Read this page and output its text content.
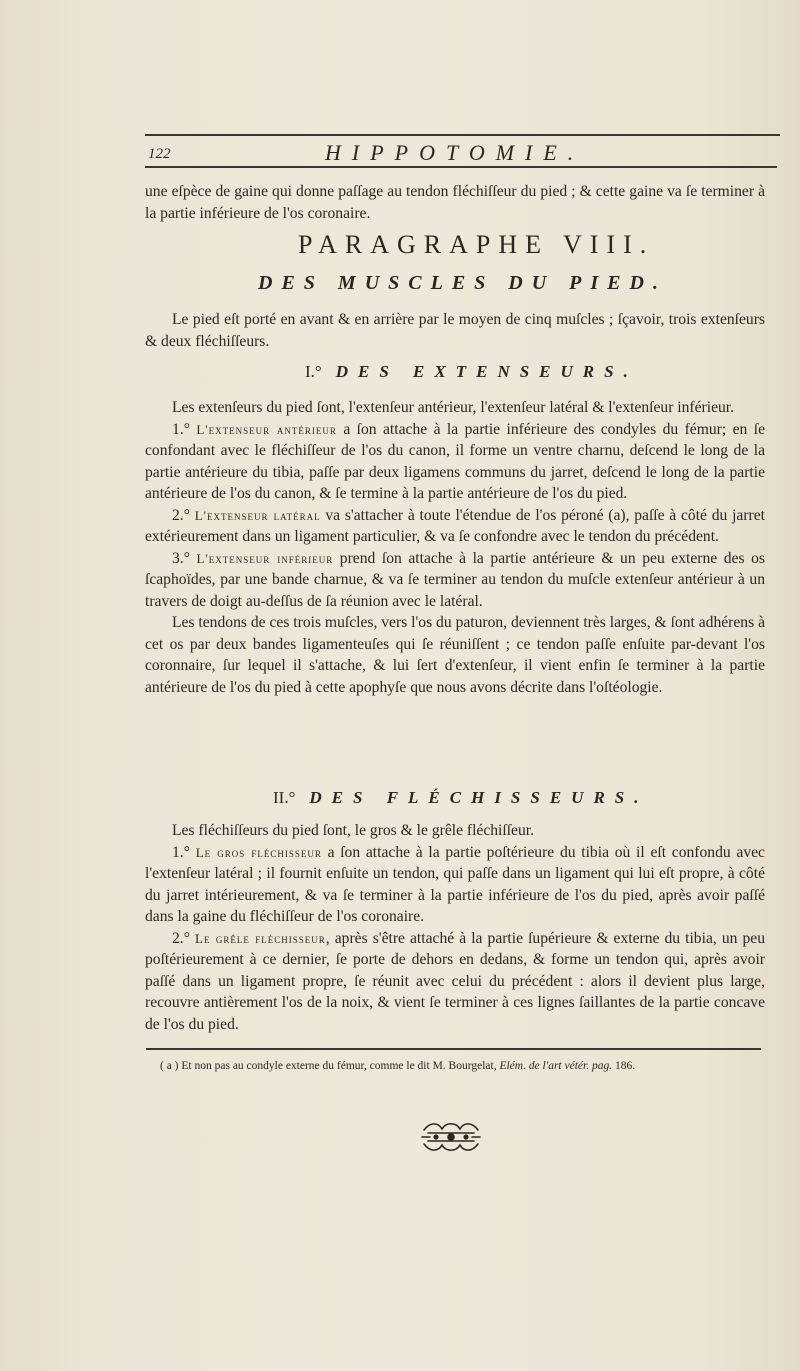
122	HIPPOTOMIE.

une eſpèce de gaine qui donne paſſage au tendon fléchiſſeur du pied ; & cette gaine va ſe terminer à la partie inférieure de l'os coronaire.

PARAGRAPHE VIII.
DES MUSCLES DU PIED.

Le pied eſt porté en avant & en arrière par le moyen de cinq muſcles ; ſçavoir, trois extenſeurs & deux fléchiſſeurs.

I.° DES EXTENSEURS.

Les extenſeurs du pied ſont, l'extenſeur antérieur, l'extenſeur latéral & l'extenſeur inférieur.

1.° L'extenseur antérieur a ſon attache à la partie inférieure des condyles du fémur; en ſe confondant avec le fléchiſſeur de l'os du canon, il forme un ventre charnu, deſcend le long de la partie antérieure du tibia, paſſe par deux ligamens communs du jarret, deſcend le long de la partie antérieure de l'os du canon, & ſe termine à la partie antérieure de l'os du pied.

2.° L'extenseur latéral va s'attacher à toute l'étendue de l'os péroné (a), paſſe à côté du jarret extérieurement dans un ligament particulier, & va ſe confondre avec le tendon du précédent.

3.° L'extenseur inférieur prend ſon attache à la partie antérieure & un peu externe des os ſcaphoïdes, par une bande charnue, & va ſe terminer au tendon du muſcle extenſeur antérieur à un travers de doigt au-deſſus de ſa réunion avec le latéral.

Les tendons de ces trois muſcles, vers l'os du paturon, deviennent très larges, & ſont adhérens à cet os par deux bandes ligamenteuſes qui ſe réuniſſent ; ce tendon paſſe enſuite par-devant l'os coronnaire, ſur lequel il s'attache, & lui ſert d'extenſeur, il vient enfin ſe terminer à la partie antérieure de l'os du pied à cette apophyſe que nous avons décrite dans l'oſtéologie.

II.° DES FLÉCHISSEURS.

Les fléchiſſeurs du pied ſont, le gros & le grêle fléchiſſeur.

1.° Le gros fléchisseur a ſon attache à la partie poſtérieure du tibia où il eſt confondu avec l'extenſeur latéral ; il fournit enſuite un tendon, qui paſſe dans un ligament qui lui eſt propre, à côté du jarret intérieurement, & va ſe terminer à la partie inférieure de l'os du pied, après avoir paſſé dans la gaine du fléchiſſeur de l'os coronaire.

2.° Le grêle fléchisseur, après s'être attaché à la partie ſupérieure & externe du tibia, un peu poſtérieurement à ce dernier, ſe porte de dehors en dedans, & forme un tendon qui, après avoir paſſé dans un ligament propre, ſe réunit avec celui du précédent : alors il devient plus large, recouvre antièrement l'os de la noix, & vient ſe terminer à ces lignes ſaillantes de la partie concave de l'os du pied.

( a ) Et non pas au condyle externe du fémur, comme le dit M. Bourgelat, Elém. de l'art vétér. pag. 186.
